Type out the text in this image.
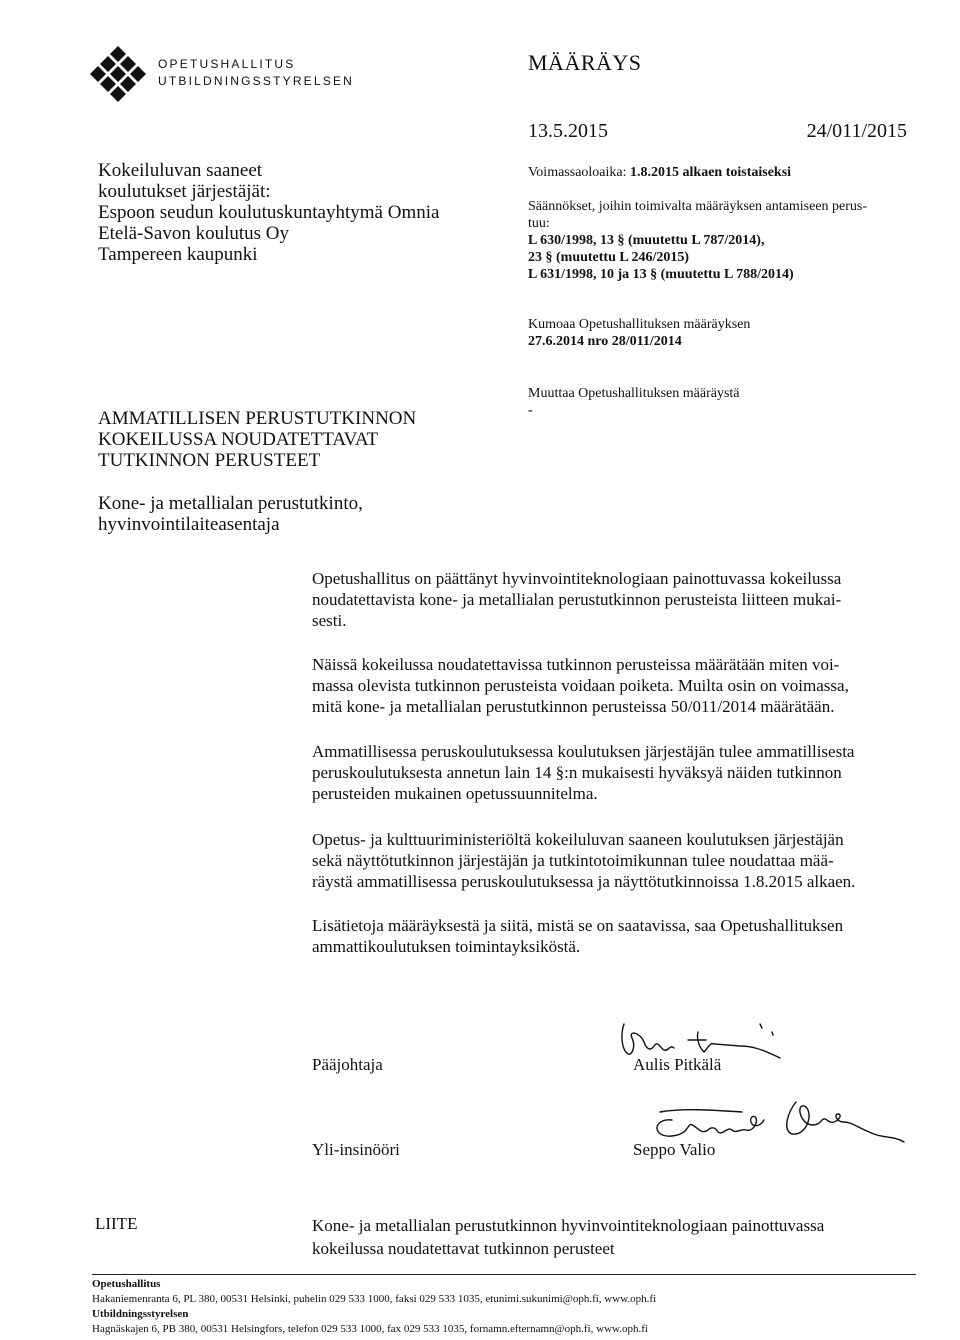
OPETUSHALLITUS
UTBILDNINGSSTYRELSEN
MÄÄRÄYS
13.5.2015	24/011/2015
Kokeiluluvan saaneet
koulutukset järjestäjät:
Espoon seudun koulutuskuntayhtymä Omnia
Etelä-Savon koulutus Oy
Tampereen kaupunki
Voimassaoloaika: 1.8.2015 alkaen toistaiseksi
Säännökset, joihin toimivalta määräyksen antamiseen perus-
tuu:
L 630/1998, 13 § (muutettu L 787/2014),
23 § (muutettu L 246/2015)
L 631/1998, 10 ja 13 § (muutettu L 788/2014)
Kumoaa Opetushallituksen määräyksen
27.6.2014 nro 28/011/2014
Muuttaa Opetushallituksen määräystä
-
AMMATILLISEN PERUSTUTKINNON
KOKEILUSSA NOUDATETTAVAT
TUTKINNON PERUSTEET
Kone- ja metallialan perustutkinto,
hyvinvointilaiteasentaja
Opetushallitus on päättänyt hyvinvointiteknologiaan painottuvassa kokeilussa
noudatettavista kone- ja metallialan perustutkinnon perusteista liitteen mukai-
sesti.
Näissä kokeilussa noudatettavissa tutkinnon perusteissa määrätään miten voi-
massa olevista tutkinnon perusteista voidaan poiketa. Muilta osin on voimassa,
mitä kone- ja metallialan perustutkinnon perusteissa 50/011/2014 määrätään.
Ammatillisessa peruskoulutuksessa koulutuksen järjestäjän tulee ammatillisesta
peruskoulutuksesta annetun lain 14 §:n mukaisesti hyväksyä näiden tutkinnon
perusteiden mukainen opetussuunnitelma.
Opetus- ja kulttuuriministeriöltä kokeiluluvan saaneen koulutuksen järjestäjän
sekä näyttötutkinnon järjestäjän ja tutkintotoimikunnan tulee noudattaa mää-
räystä ammatillisessa peruskoulutuksessa ja näyttötutkinnoissa 1.8.2015 alkaen.
Lisätietoja määräyksestä ja siitä, mistä se on saatavissa, saa Opetushallituksen
ammattikoulutuksen toimintayksiköstä.
Pääjohtaja	Aulis Pitkälä
Yli-insinööri	Seppo Valio
LIITE	Kone- ja metallialan perustutkinnon hyvinvointiteknologiaan painottuvassa
kokeilussa noudatettavat tutkinnon perusteet
Opetushallitus
Hakaniemenranta 6, PL 380, 00531 Helsinki, puhelin 029 533 1000, faksi 029 533 1035, etunimi.sukunimi@oph.fi, www.oph.fi
Utbildningsstyrelsen
Hagnäskajen 6, PB 380, 00531 Helsingfors, telefon 029 533 1000, fax 029 533 1035, fornamn.efternamn@oph.fi, www.oph.fi
